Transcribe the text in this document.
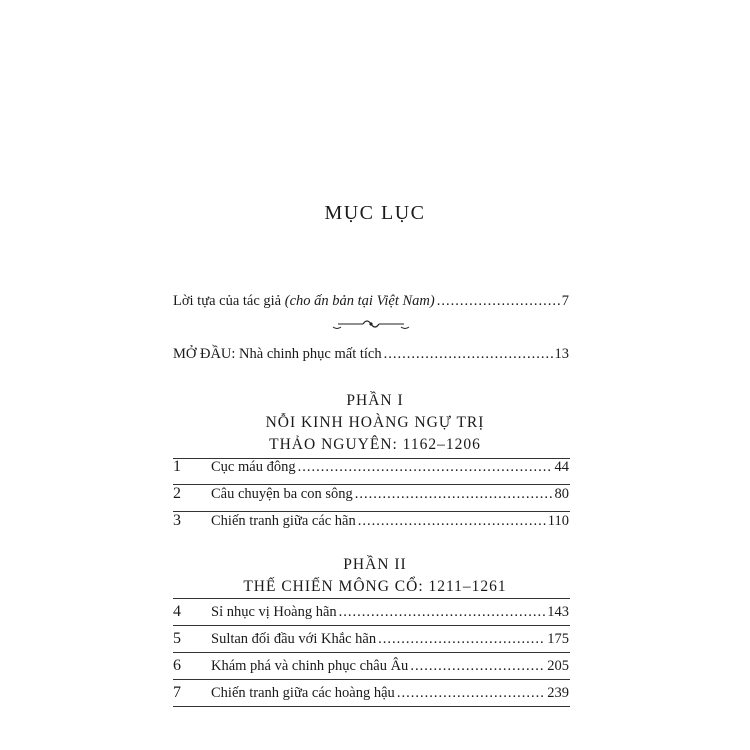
MỤC LỤC
Lời tựa của tác giả (cho ấn bản tại Việt Nam) .....	7
MỞ ĐẦU: Nhà chinh phục mất tích .....	13
PHẦN I
NỖI KINH HOÀNG NGỰ TRỊ
THẢO NGUYÊN: 1162–1206
1	Cục máu đông .....	44
2	Câu chuyện ba con sông .....	80
3	Chiến tranh giữa các hãn .....	110
PHẦN II
THẾ CHIẾN MÔNG CỔ: 1211–1261
4	Sỉ nhục vị Hoàng hãn .....	143
5	Sultan đối đầu với Khắc hãn .....	175
6	Khám phá và chinh phục châu Âu .....	205
7	Chiến tranh giữa các hoàng hậu .....	239
